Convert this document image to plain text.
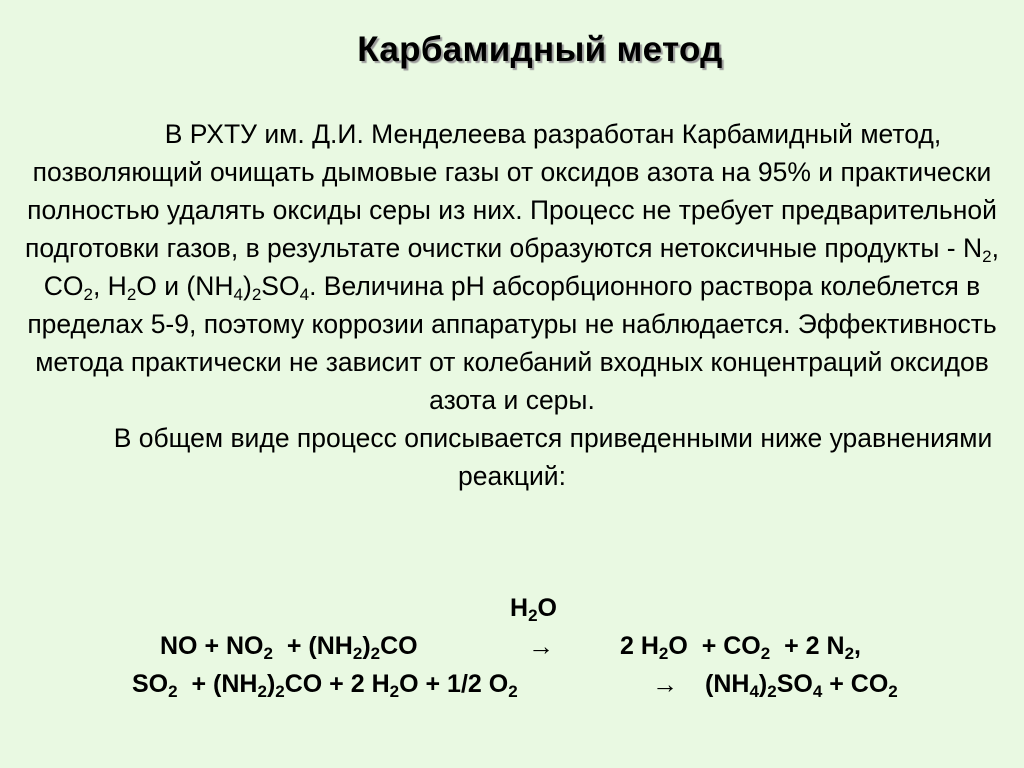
Карбамидный метод

В РХТУ им. Д.И. Менделеева разработан Карбамидный метод, позволяющий очищать дымовые газы от оксидов азота на 95% и практически полностью удалять оксиды серы из них. Процесс не требует предварительной подготовки газов, в результате очистки образуются нетоксичные продукты - $N_2$, $CO_2$, $H_2O$ и $(NH_4)_2SO_4$. Величина рН абсорбционного раствора колеблется в пределах 5-9, поэтому коррозии аппаратуры не наблюдается. Эффективность метода практически не зависит от колебаний входных концентраций оксидов азота и серы.

В общем виде процесс описывается приведенными ниже уравнениями реакций:

$H_2O$
NO + $NO_2 + (NH_2)_2CO$	→	2 $H_2O + CO_2 + 2$ $N_2$,
$SO_2 + (NH_2)_2CO + 2$ $H_2O + 1/2$ $O_2$	→ $(NH_4)_2SO_4 + CO_2$
